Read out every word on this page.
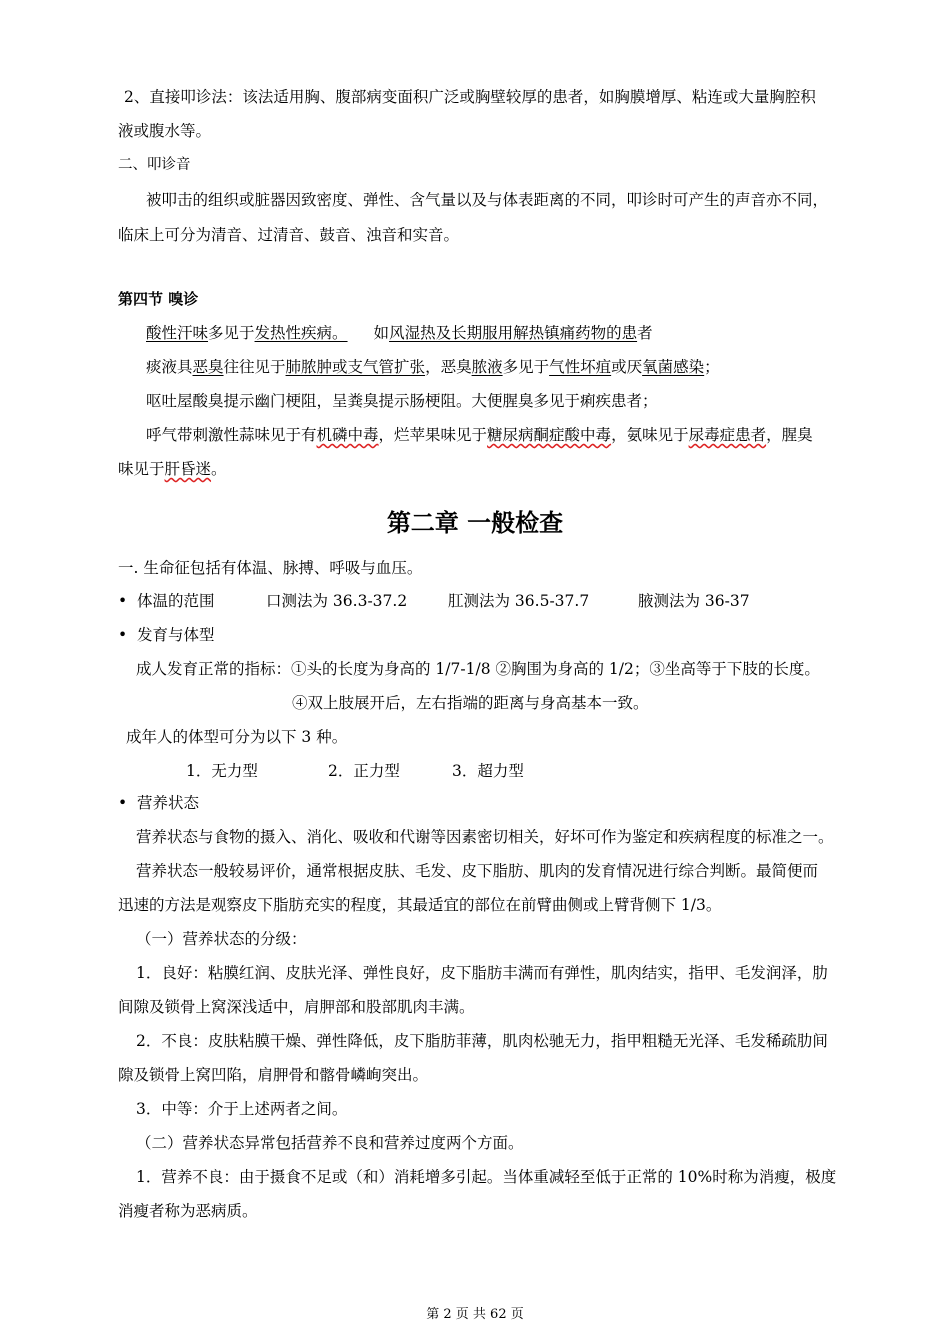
2、直接叩诊法：该法适用胸、腹部病变面积广泛或胸壁较厚的患者，如胸膜增厚、粘连或大量胸腔积
液或腹水等。
二、叩诊音
被叩击的组织或脏器因致密度、弹性、含气量以及与体表距离的不同，叩诊时可产生的声音亦不同，
临床上可分为清音、过清音、鼓音、浊音和实音。
第四节 嗅诊
酸性汗味多见于发热性疾病。 如风湿热及长期服用解热镇痛药物的患者
痰液具恶臭往往见于肺脓肿或支气管扩张，恶臭脓液多见于气性坏疽或厌氧菌感染；
呕吐屋酸臭提示幽门梗阻，呈粪臭提示肠梗阻。大便腥臭多见于痢疾患者；
呼气带刺激性蒜味见于有机磷中毒，烂苹果味见于糖尿病酮症酸中毒，氨味见于尿毒症患者，腥臭
味见于肝昏迷。
第二章 一般检查
一. 生命征包括有体温、脉搏、呼吸与血压。
• 体温的范围	口测法为 36.3-37.2	肛测法为 36.5-37.7	腋测法为 36-37
• 发育与体型
成人发育正常的指标：①头的长度为身高的 1/7-1/8 ②胸围为身高的 1/2；③坐高等于下肢的长度。
④双上肢展开后，左右指端的距离与身高基本一致。
成年人的体型可分为以下 3 种。
1．无力型	2．正力型	3．超力型
• 营养状态
营养状态与食物的摄入、消化、吸收和代谢等因素密切相关，好坏可作为鉴定和疾病程度的标准之一。
营养状态一般较易评价，通常根据皮肤、毛发、皮下脂肪、肌肉的发育情况进行综合判断。最简便而
迅速的方法是观察皮下脂肪充实的程度，其最适宜的部位在前臂曲侧或上臂背侧下 1/3。
（一）营养状态的分级：
1．良好：粘膜红润、皮肤光泽、弹性良好，皮下脂肪丰满而有弹性，肌肉结实，指甲、毛发润泽，肋
间隙及锁骨上窝深浅适中，肩胛部和股部肌肉丰满。
2．不良：皮肤粘膜干燥、弹性降低，皮下脂肪菲薄，肌肉松驰无力，指甲粗糙无光泽、毛发稀疏肋间
隙及锁骨上窝凹陷，肩胛骨和髂骨嶙峋突出。
3．中等：介于上述两者之间。
（二）营养状态异常包括营养不良和营养过度两个方面。
1．营养不良：由于摄食不足或（和）消耗增多引起。当体重减轻至低于正常的 10%时称为消瘦，极度
消瘦者称为恶病质。
第 2 页 共 62 页
